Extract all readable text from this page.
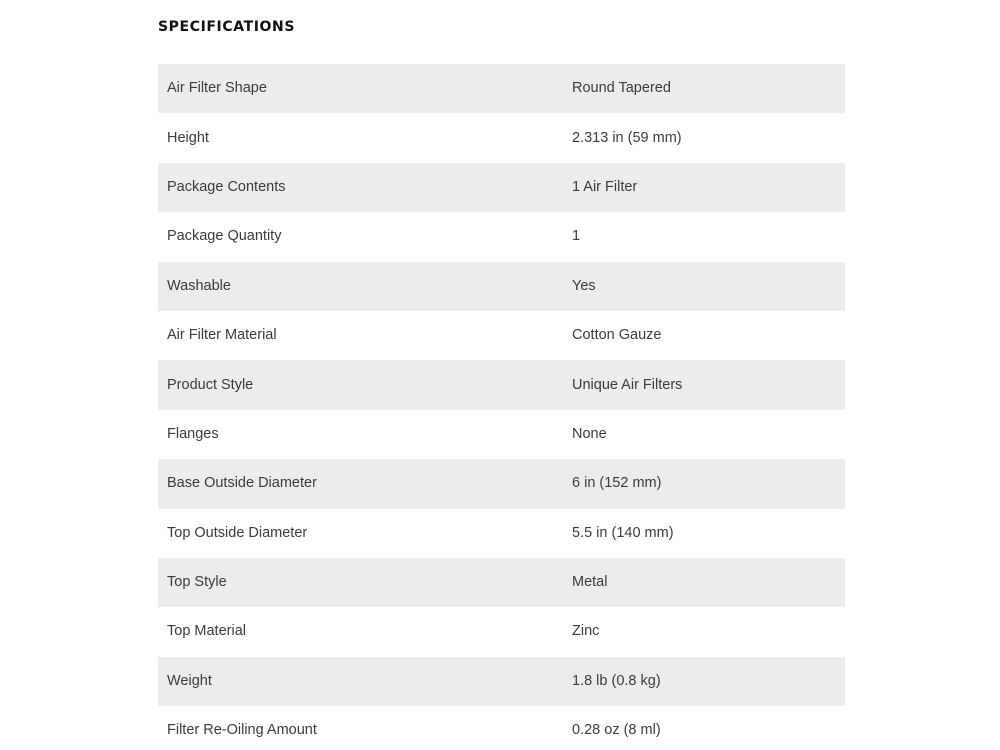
SPECIFICATIONS
Air Filter Shape	Round Tapered
Height	2.313 in (59 mm)
Package Contents	1 Air Filter
Package Quantity	1
Washable	Yes
Air Filter Material	Cotton Gauze
Product Style	Unique Air Filters
Flanges	None
Base Outside Diameter	6 in (152 mm)
Top Outside Diameter	5.5 in (140 mm)
Top Style	Metal
Top Material	Zinc
Weight	1.8 lb (0.8 kg)
Filter Re-Oiling Amount	0.28 oz (8 ml)
